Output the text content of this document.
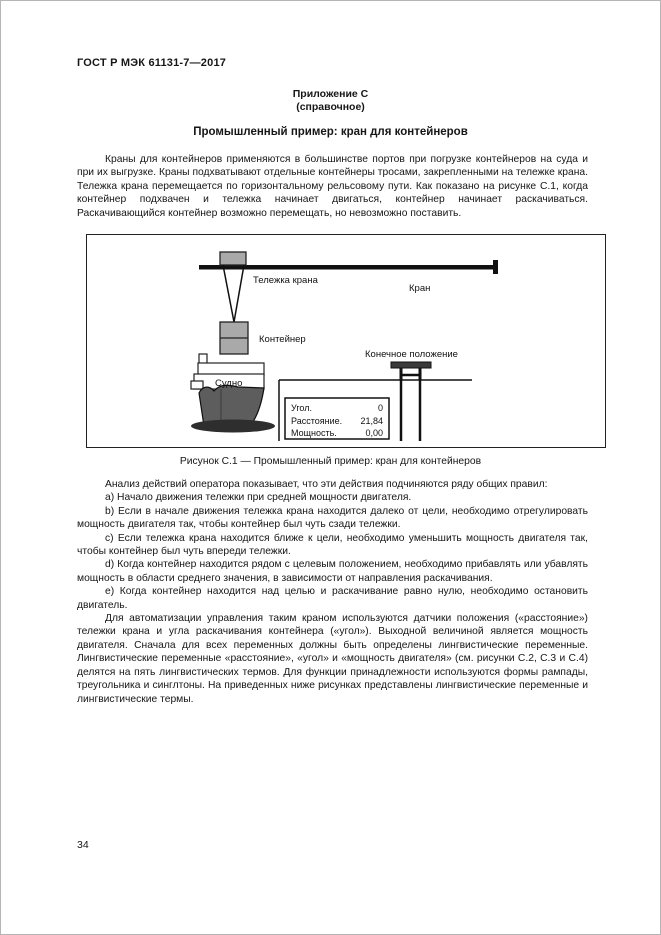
ГОСТ Р МЭК 61131-7—2017
Приложение С
(справочное)
Промышленный пример: кран для контейнеров

Краны для контейнеров применяются в большинстве портов при погрузке контейнеров на суда и при их выгрузке. Краны подхватывают отдельные контейнеры тросами, закрепленными на тележке крана. Тележка крана перемещается по горизонтальному рельсовому пути. Как показано на рисунке С.1, когда контейнер подхвачен и тележка начинает двигаться, контейнер начинает раскачиваться. Раскачивающийся контейнер возможно перемещать, но невозможно поставить.

Угол.	0
Расстояние. 21,84
Мощность.	0,00
Тележка крана
Кран
Контейнер
Конечное положение
Судно
Рисунок С.1 — Промышленный пример: кран для контейнеров

Анализ действий оператора показывает, что эти действия подчиняются ряду общих правил:

a) Начало движения тележки при средней мощности двигателя.

b) Если в начале движения тележка крана находится далеко от цели, необходимо отрегулировать мощность двигателя так, чтобы контейнер был чуть сзади тележки.

c) Если тележка крана находится ближе к цели, необходимо уменьшить мощность двигателя так, чтобы контейнер был чуть впереди тележки.

d) Когда контейнер находится рядом с целевым положением, необходимо прибавлять или убавлять мощность в области среднего значения, в зависимости от направления раскачивания.

e) Когда контейнер находится над целью и раскачивание равно нулю, необходимо остановить двигатель.

Для автоматизации управления таким краном используются датчики положения («расстояние») тележки крана и угла раскачивания контейнера («угол»). Выходной величиной является мощность двигателя. Сначала для всех переменных должны быть определены лингвистические переменные. Лингвистические переменные «расстояние», «угол» и «мощность двигателя» (см. рисунки С.2, С.3 и С.4) делятся на пять лингвистических термов. Для функции принадлежности используются формы рампады, треугольника и синглтоны. На приведенных ниже рисунках представлены лингвистические переменные и лингвистические термы.

34
